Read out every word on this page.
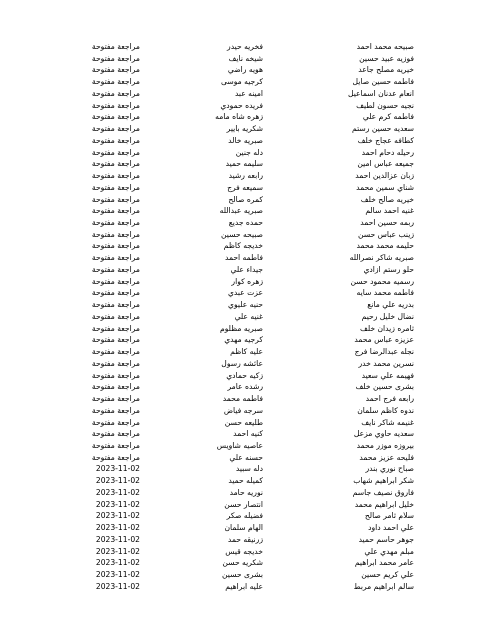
صبيحه محمد احمد
فخريه حيدر
مراجعة مفتوحة
فوزيه عبيد حسين
شيخه نايف
مراجعة مفتوحة
خيريه مصلح جاعد
هويه راضي
مراجعة مفتوحة
فاطمه حسين صايل
كرجيه موسى
مراجعة مفتوحة
انعام عدنان اسماعيل
امينه عبد
مراجعة مفتوحة
نجيه حسون لطيف
فريده حمودي
مراجعة مفتوحة
فاطمه كرم علي
زهره شاه مامه
مراجعة مفتوحة
سعديه حسين رستم
شكريه بايير
مراجعة مفتوحة
كطافه عجاج خلف
صبريه خالد
مراجعة مفتوحة
رحيله دحام احمد
دله جنين
مراجعة مفتوحة
جميعه عباس امين
سليمه حميد
مراجعة مفتوحة
زبان عزالدين احمد
رابعه رشيد
مراجعة مفتوحة
شناي سمين محمد
سميعه فرج
مراجعة مفتوحة
خيريه صالح خلف
كمره صالح
مراجعة مفتوحة
غنيه احمد سالم
صبريه عبدالله
مراجعة مفتوحة
ربمه حسين احمد
حمده جديع
مراجعة مفتوحة
زينب عباس حسن
صبيحه حسين
مراجعة مفتوحة
حليمه محمد محمد
خديجه كاظم
مراجعة مفتوحة
صبريه شاكر نصرالله
فاطمه احمد
مراجعة مفتوحة
حلو رستم ازادي
جيداء علي
مراجعة مفتوحة
رسميه محمود حسن
زهره كوار
مراجعة مفتوحة
فاطمه محمد سايه
عزت عبدي
مراجعة مفتوحة
بدريه علي مانع
حنيه عليوي
مراجعة مفتوحة
نضال خليل رحيم
غنيه علي
مراجعة مفتوحة
ثامره زيدان خلف
صبريه مظلوم
مراجعة مفتوحة
عزيزه عباس محمد
كرجيه مهدي
مراجعة مفتوحة
نجله عبدالرضا فرج
عليه كاظم
مراجعة مفتوحة
نسرين محمد خدر
عائشه رسول
مراجعة مفتوحة
فهيمه علي سعيد
زكيه حمادي
مراجعة مفتوحة
بشرى حسين خلف
رشده عامر
مراجعة مفتوحة
رابعه فرج احمد
فاطمه محمد
مراجعة مفتوحة
ندوه كاظم سلمان
سرجه فياض
مراجعة مفتوحة
غنيمه شاكر نايف
طليعه حسن
مراجعة مفتوحة
سعديه حاوي مزعل
كنيه احمد
مراجعة مفتوحة
بيروزه موزر محمد
عاصيه شاويس
مراجعة مفتوحة
فليحه عزيز محمد
حسنه علي
مراجعة مفتوحة
صباح نوري بندر
دله سبيد
2023-11-02
شكر ابراهيم شهاب
كميله حميد
2023-11-02
فاروق نصيف جاسم
نوريه حامد
2023-11-02
خليل ابراهيم محمد
انتصار حسن
2023-11-02
سلام ثامر صالح
فضيله صكر
2023-11-02
علي احمد داود
الهام سلمان
2023-11-02
جوهر حاسم حميد
زرنيقه حمد
2023-11-02
مبلم مهدي علي
خديجه قيس
2023-11-02
عامر محمد ابراهيم
شكريه حسن
2023-11-02
علي كريم حسين
بشرى حسين
2023-11-02
سالم ابراهيم مربط
عليه ابراهيم
2023-11-02
